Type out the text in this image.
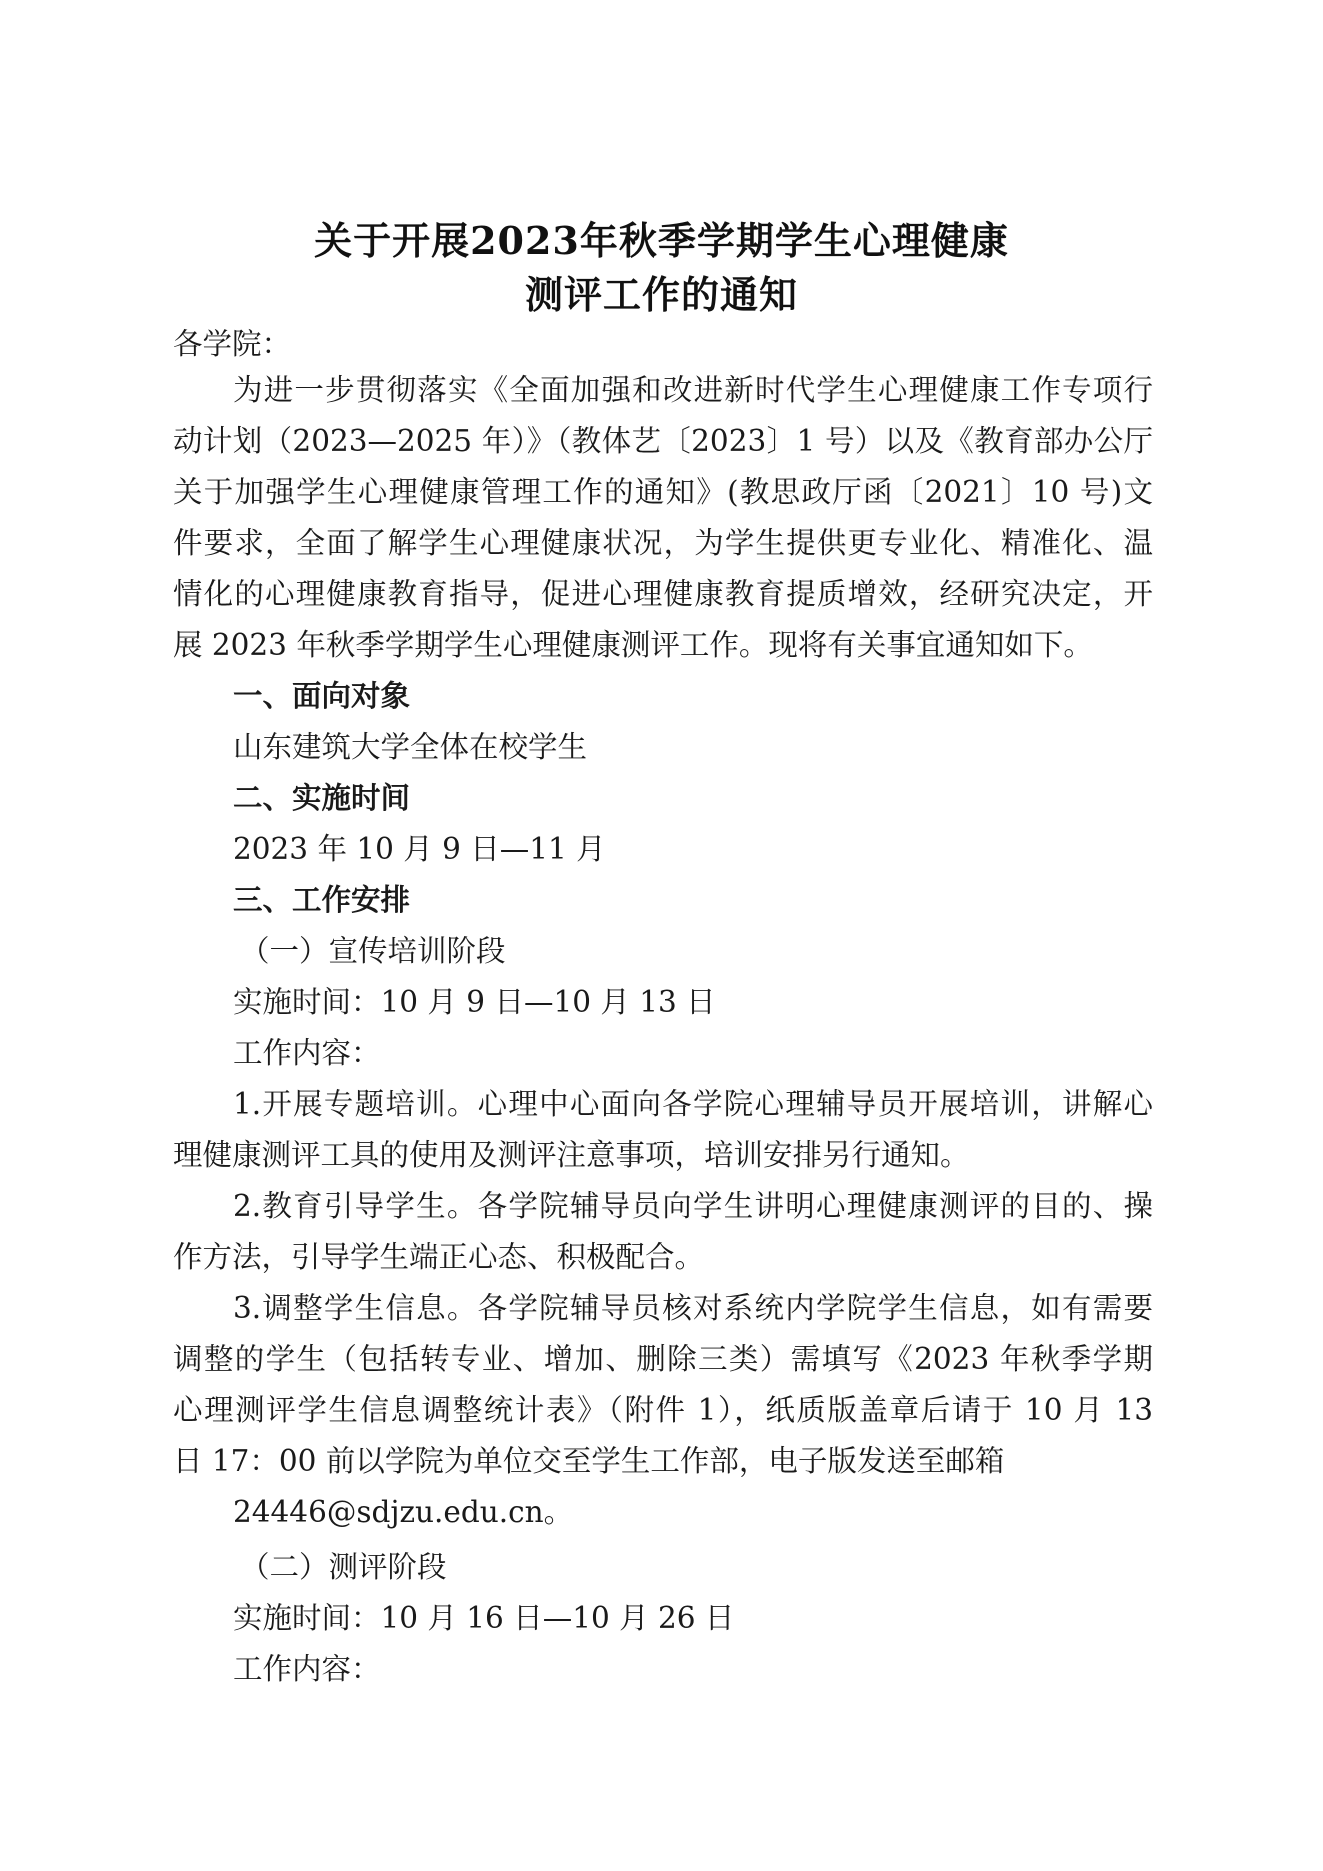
关于开展2023年秋季学期学生心理健康
测评工作的通知
各学院：
为进一步贯彻落实《全面加强和改进新时代学生心理健康工作专项行
动计划（2023—2025 年）》（教体艺〔2023〕1 号）以及《教育部办公厅
关于加强学生心理健康管理工作的通知》(教思政厅函〔2021〕10 号)文
件要求，全面了解学生心理健康状况，为学生提供更专业化、精准化、温
情化的心理健康教育指导，促进心理健康教育提质增效，经研究决定，开
展 2023 年秋季学期学生心理健康测评工作。现将有关事宜通知如下。
一、面向对象
山东建筑大学全体在校学生
二、实施时间
2023 年 10 月 9 日—11 月
三、工作安排
（一）宣传培训阶段
实施时间：10 月 9 日—10 月 13 日
工作内容：
1.开展专题培训。心理中心面向各学院心理辅导员开展培训，讲解心
理健康测评工具的使用及测评注意事项，培训安排另行通知。
2.教育引导学生。各学院辅导员向学生讲明心理健康测评的目的、操
作方法，引导学生端正心态、积极配合。
3.调整学生信息。各学院辅导员核对系统内学院学生信息，如有需要
调整的学生（包括转专业、增加、删除三类）需填写《2023 年秋季学期
心理测评学生信息调整统计表》（附件 1），纸质版盖章后请于 10 月 13
日 17：00 前以学院为单位交至学生工作部，电子版发送至邮箱
24446@sdjzu.edu.cn。
（二）测评阶段
实施时间：10 月 16 日—10 月 26 日
工作内容：
